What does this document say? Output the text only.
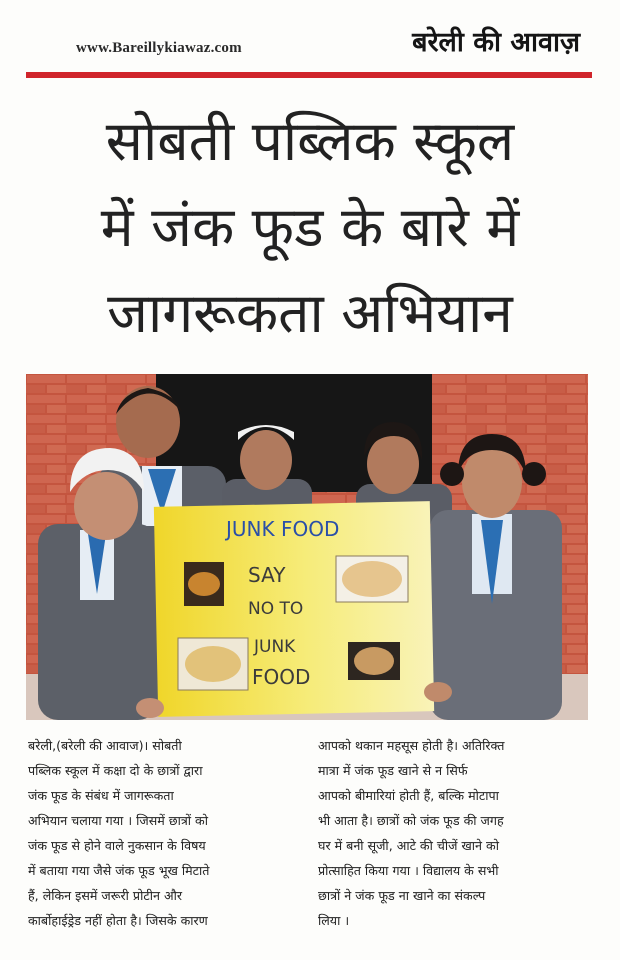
www.Bareillykiawaz.com	बरेली की आवाज़
सोबती पब्लिक स्कूल
में जंक फूड के बारे में
जागरूकता अभियान
JUNK FOOD
SAY NO TO JUNK FOOD
बरेली,(बरेली की आवाज)। सोबती
पब्लिक स्कूल में कक्षा दो के छात्रों द्वारा
जंक फूड के संबंध में जागरूकता
अभियान चलाया गया । जिसमें छात्रों को
जंक फूड से होने वाले नुकसान के विषय
में बताया गया जैसे जंक फूड भूख मिटाते
हैं, लेकिन इसमें जरूरी प्रोटीन और
कार्बोहाईड्रेड नहीं होता है। जिसके कारण
आपको थकान महसूस होती है। अतिरिक्त
मात्रा में जंक फूड खाने से न सिर्फ
आपको बीमारियां होती हैं, बल्कि मोटापा
भी आता है। छात्रों को जंक फूड की जगह
घर में बनी सूजी, आटे की चीजें खाने को
प्रोत्साहित किया गया । विद्यालय के सभी
छात्रों ने जंक फूड ना खाने का संकल्प
लिया ।
